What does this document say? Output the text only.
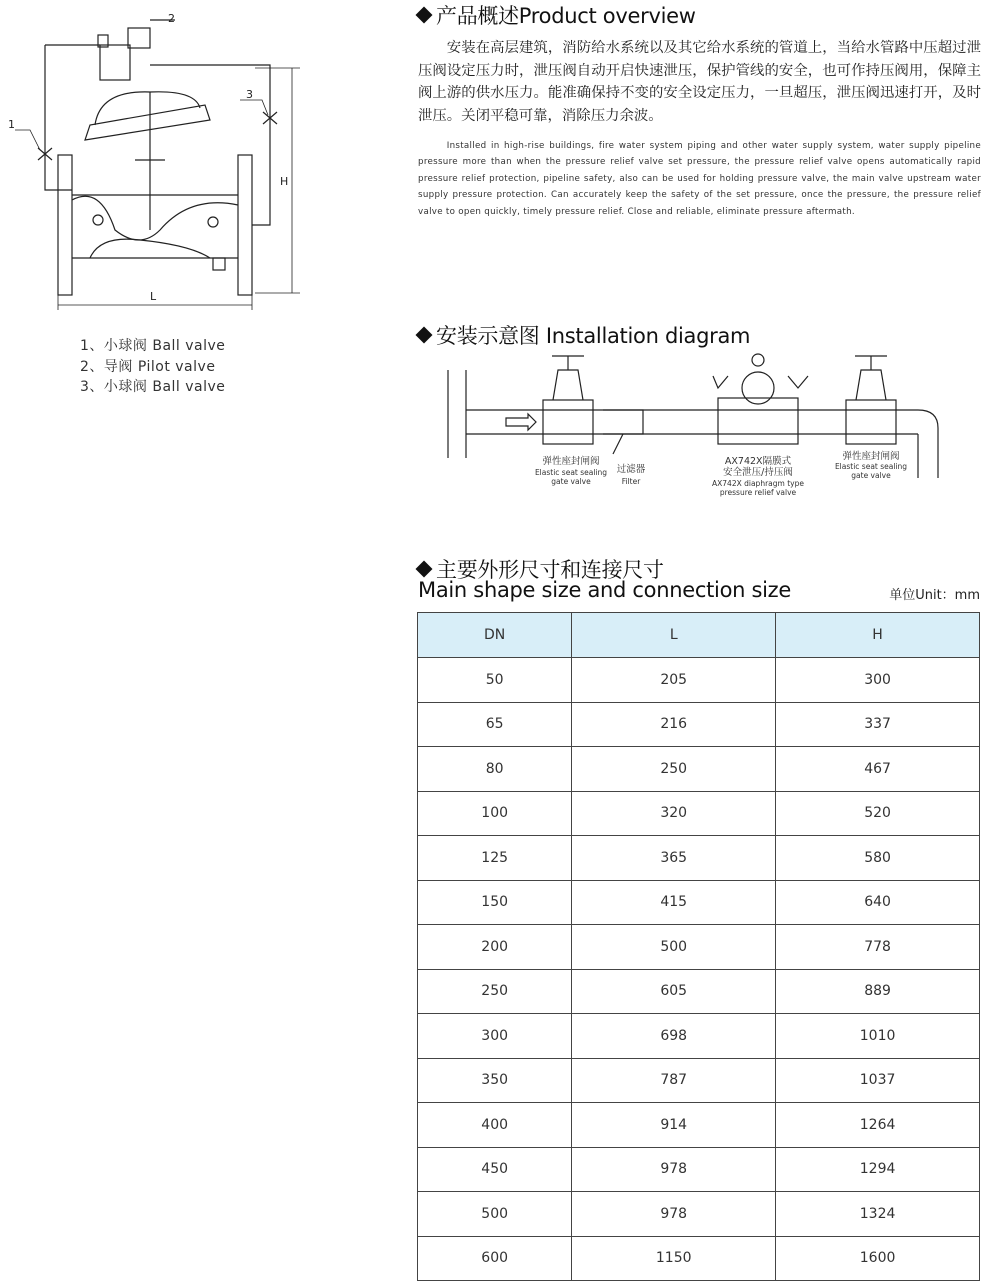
1
2
3
H
L
1、小球阀 Ball valve
2、导阀 Pilot valve
3、小球阀 Ball valve
产品概述Product overview

安装在高层建筑，消防给水系统以及其它给水系统的管道上，当给水管路中压超过泄压阀设定压力时，泄压阀自动开启快速泄压，保护管线的安全，也可作持压阀用，保障主阀上游的供水压力。能准确保持不变的安全设定压力，一旦超压，泄压阀迅速打开，及时泄压。关闭平稳可靠，消除压力余波。

Installed in high-rise buildings, fire water system piping and other water supply system, water supply pipeline pressure more than when the pressure relief valve set pressure, the pressure relief valve opens automatically rapid pressure relief protection, pipeline safety, also can be used for holding pressure valve, the main valve upstream water supply pressure protection. Can accurately keep the safety of the set pressure, once the pressure, the pressure relief valve to open quickly, timely pressure relief. Close and reliable, eliminate pressure aftermath.

安装示意图 Installation diagram
弹性座封闸阀
Elastic seat sealing
gate valve
过滤器
Filter
AX742X隔膜式
安全泄压/持压阀
AX742X diaphragm type
pressure relief valve
弹性座封闸阀
Elastic seat sealing
gate valve
主要外形尺寸和连接尺寸
Main shape size and connection size	单位Unit：mm
DN	L	H
50	205	300
65	216	337
80	250	467
100	320	520
125	365	580
150	415	640
200	500	778
250	605	889
300	698	1010
350	787	1037
400	914	1264
450	978	1294
500	978	1324
600	1150	1600
